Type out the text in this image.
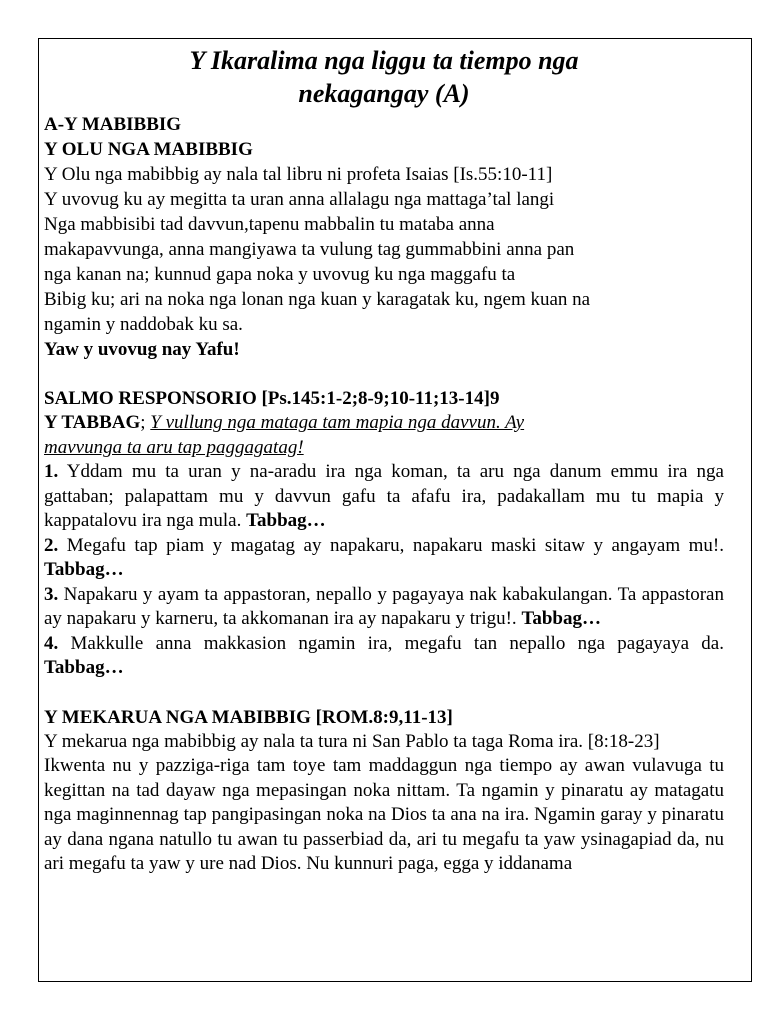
Y Ikaralima nga liggu ta tiempo nga
nekagangay (A)
A-Y MABIBBIG
Y OLU NGA MABIBBIG
Y Olu nga mabibbig ay nala tal libru ni profeta Isaias [Is.55:10-11]
Y uvovug ku ay megitta ta uran anna allalagu nga mattaga’tal langi
Nga mabbisibi tad davvun,tapenu mabbalin tu mataba anna
makapavvunga, anna mangiyawa ta vulung tag gummabbini anna pan
nga kanan na; kunnud gapa noka y uvovug ku nga maggafu ta
Bibig ku; ari na noka nga lonan nga kuan y karagatak ku, ngem kuan na
ngamin y naddobak ku sa.
Yaw y uvovug nay Yafu!
SALMO RESPONSORIO [Ps.145:1-2;8-9;10-11;13-14]9
Y TABBAG; Y vullung nga mataga tam mapia nga davvun. Ay
mavvunga ta aru tap paggagatag!
1. Yddam mu ta uran y na-aradu ira nga koman, ta aru nga danum emmu ira nga gattaban; palapattam mu y davvun gafu ta afafu ira, padakallam mu tu mapia y kappatalovu ira nga mula. Tabbag…
2. Megafu tap piam y magatag ay napakaru, napakaru maski sitaw y angayam mu!. Tabbag…
3. Napakaru y ayam ta appastoran, nepallo y pagayaya nak kabakulangan. Ta appastoran ay napakaru y karneru, ta akkomanan ira ay napakaru y trigu!. Tabbag…
4. Makkulle anna makkasion ngamin ira, megafu tan nepallo nga pagayaya da. Tabbag…
Y MEKARUA NGA MABIBBIG [ROM.8:9,11-13]
Y mekarua nga mabibbig ay nala ta tura ni San Pablo ta taga Roma ira. [8:18-23]
Ikwenta nu y pazziga-riga tam toye tam maddaggun nga tiempo ay awan vulavuga tu kegittan na tad dayaw nga mepasingan noka nittam. Ta ngamin y pinaratu ay matagatu nga maginnennag tap pangipasingan noka na Dios ta ana na ira. Ngamin garay y pinaratu ay dana ngana natullo tu awan tu passerbiad da, ari tu megafu ta yaw ysinagapiad da, nu ari megafu ta yaw y ure nad Dios. Nu kunnuri paga, egga y iddanama
